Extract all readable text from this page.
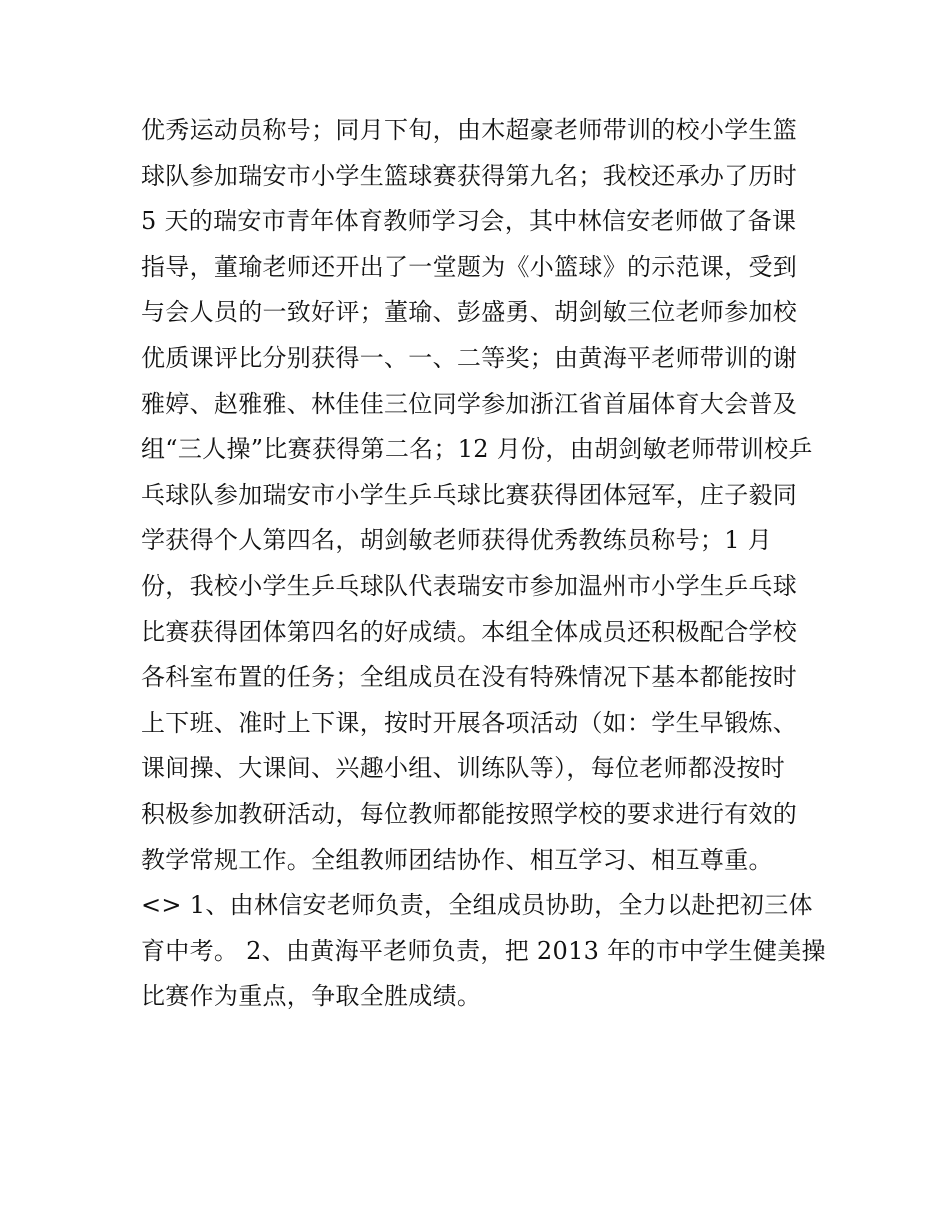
优秀运动员称号；同月下旬，由木超豪老师带训的校小学生篮
球队参加瑞安市小学生篮球赛获得第九名；我校还承办了历时
5 天的瑞安市青年体育教师学习会，其中林信安老师做了备课
指导，董瑜老师还开出了一堂题为《小篮球》的示范课，受到
与会人员的一致好评；董瑜、彭盛勇、胡剑敏三位老师参加校
优质课评比分别获得一、一、二等奖；由黄海平老师带训的谢
雅婷、赵雅雅、林佳佳三位同学参加浙江省首届体育大会普及
组“三人操”比赛获得第二名；12 月份，由胡剑敏老师带训校乒
乓球队参加瑞安市小学生乒乓球比赛获得团体冠军，庄子毅同
学获得个人第四名，胡剑敏老师获得优秀教练员称号；1 月
份，我校小学生乒乓球队代表瑞安市参加温州市小学生乒乓球
比赛获得团体第四名的好成绩。本组全体成员还积极配合学校
各科室布置的任务；全组成员在没有特殊情况下基本都能按时
上下班、准时上下课，按时开展各项活动（如：学生早锻炼、
课间操、大课间、兴趣小组、训练队等），每位老师都没按时
积极参加教研活动，每位教师都能按照学校的要求进行有效的
教学常规工作。全组教师团结协作、相互学习、相互尊重。
<> 1、由林信安老师负责，全组成员协助，全力以赴把初三体
育中考。 2、由黄海平老师负责，把 2013 年的市中学生健美操
比赛作为重点，争取全胜成绩。
